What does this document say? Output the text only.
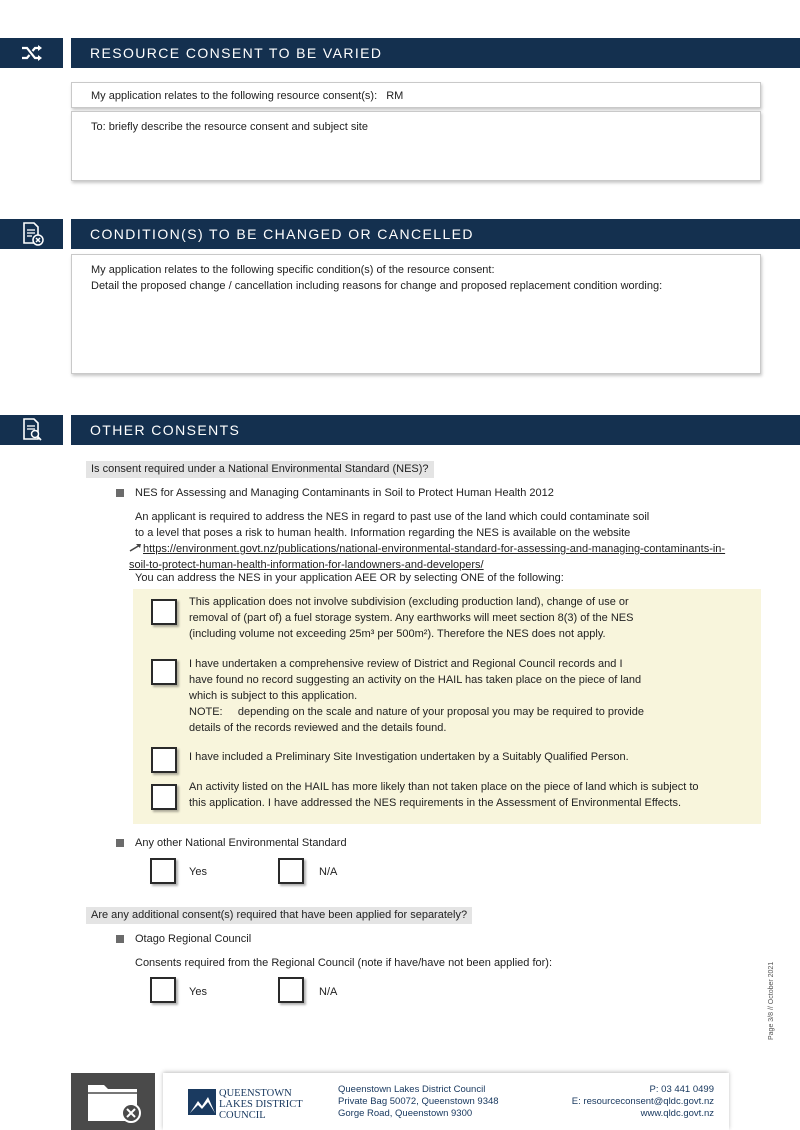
RESOURCE CONSENT TO BE VARIED
My application relates to the following resource consent(s): RM
To: briefly describe the resource consent and subject site
CONDITION(S) TO BE CHANGED OR CANCELLED
My application relates to the following specific condition(s) of the resource consent:
Detail the proposed change / cancellation including reasons for change and proposed replacement condition wording:
OTHER CONSENTS
Is consent required under a National Environmental Standard (NES)?
NES for Assessing and Managing Contaminants in Soil to Protect Human Health 2012
An applicant is required to address the NES in regard to past use of the land which could contaminate soil
to a level that poses a risk to human health. Information regarding the NES is available on the website
https://environment.govt.nz/publications/national-environmental-standard-for-assessing-and-managing-contaminants-in-
soil-to-protect-human-health-information-for-landowners-and-developers/
You can address the NES in your application AEE OR by selecting ONE of the following:
This application does not involve subdivision (excluding production land), change of use or
removal of (part of) a fuel storage system. Any earthworks will meet section 8(3) of the NES
(including volume not exceeding 25m³ per 500m²). Therefore the NES does not apply.
I have undertaken a comprehensive review of District and Regional Council records and I
have found no record suggesting an activity on the HAIL has taken place on the piece of land
which is subject to this application.
NOTE:     depending on the scale and nature of your proposal you may be required to provide
details of the records reviewed and the details found.
I have included a Preliminary Site Investigation undertaken by a Suitably Qualified Person.
An activity listed on the HAIL has more likely than not taken place on the piece of land which is subject to
this application. I have addressed the NES requirements in the Assessment of Environmental Effects.
Any other National Environmental Standard
Yes	N/A
Are any additional consent(s) required that have been applied for separately?
Otago Regional Council
Consents required from the Regional Council (note if have/have not been applied for):
Yes	N/A	Page 3/8 // October 2021
QUEENSTOWN
LAKES DISTRICT
COUNCIL
Queenstown Lakes District Council
Private Bag 50072, Queenstown 9348
Gorge Road, Queenstown 9300
P: 03 441 0499
E: resourceconsent@qldc.govt.nz
www.qldc.govt.nz
